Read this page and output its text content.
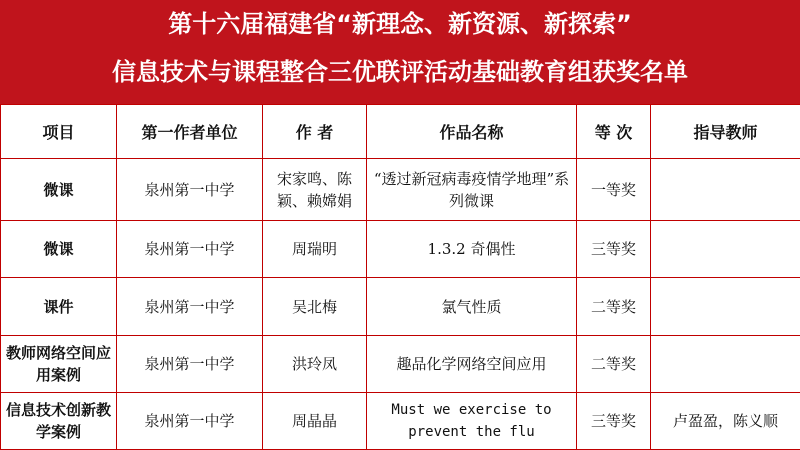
第十六届福建省“新理念、新资源、新探索”
信息技术与课程整合三优联评活动基础教育组获奖名单
项目	第一作者单位	作 者	作品名称	等 次	指导教师
微课	泉州第一中学	宋家鸣、陈颖、赖嫦娟	“透过新冠病毒疫情学地理”系列微课	一等奖	
微课	泉州第一中学	周瑞明	1.3.2 奇偶性	三等奖	
课件	泉州第一中学	吴北梅	氯气性质	二等奖	
教师网络空间应用案例	泉州第一中学	洪玲凤	趣品化学网络空间应用	二等奖	
信息技术创新教学案例	泉州第一中学	周晶晶	Must we exercise to prevent the flu	三等奖	卢盈盈，陈义顺
